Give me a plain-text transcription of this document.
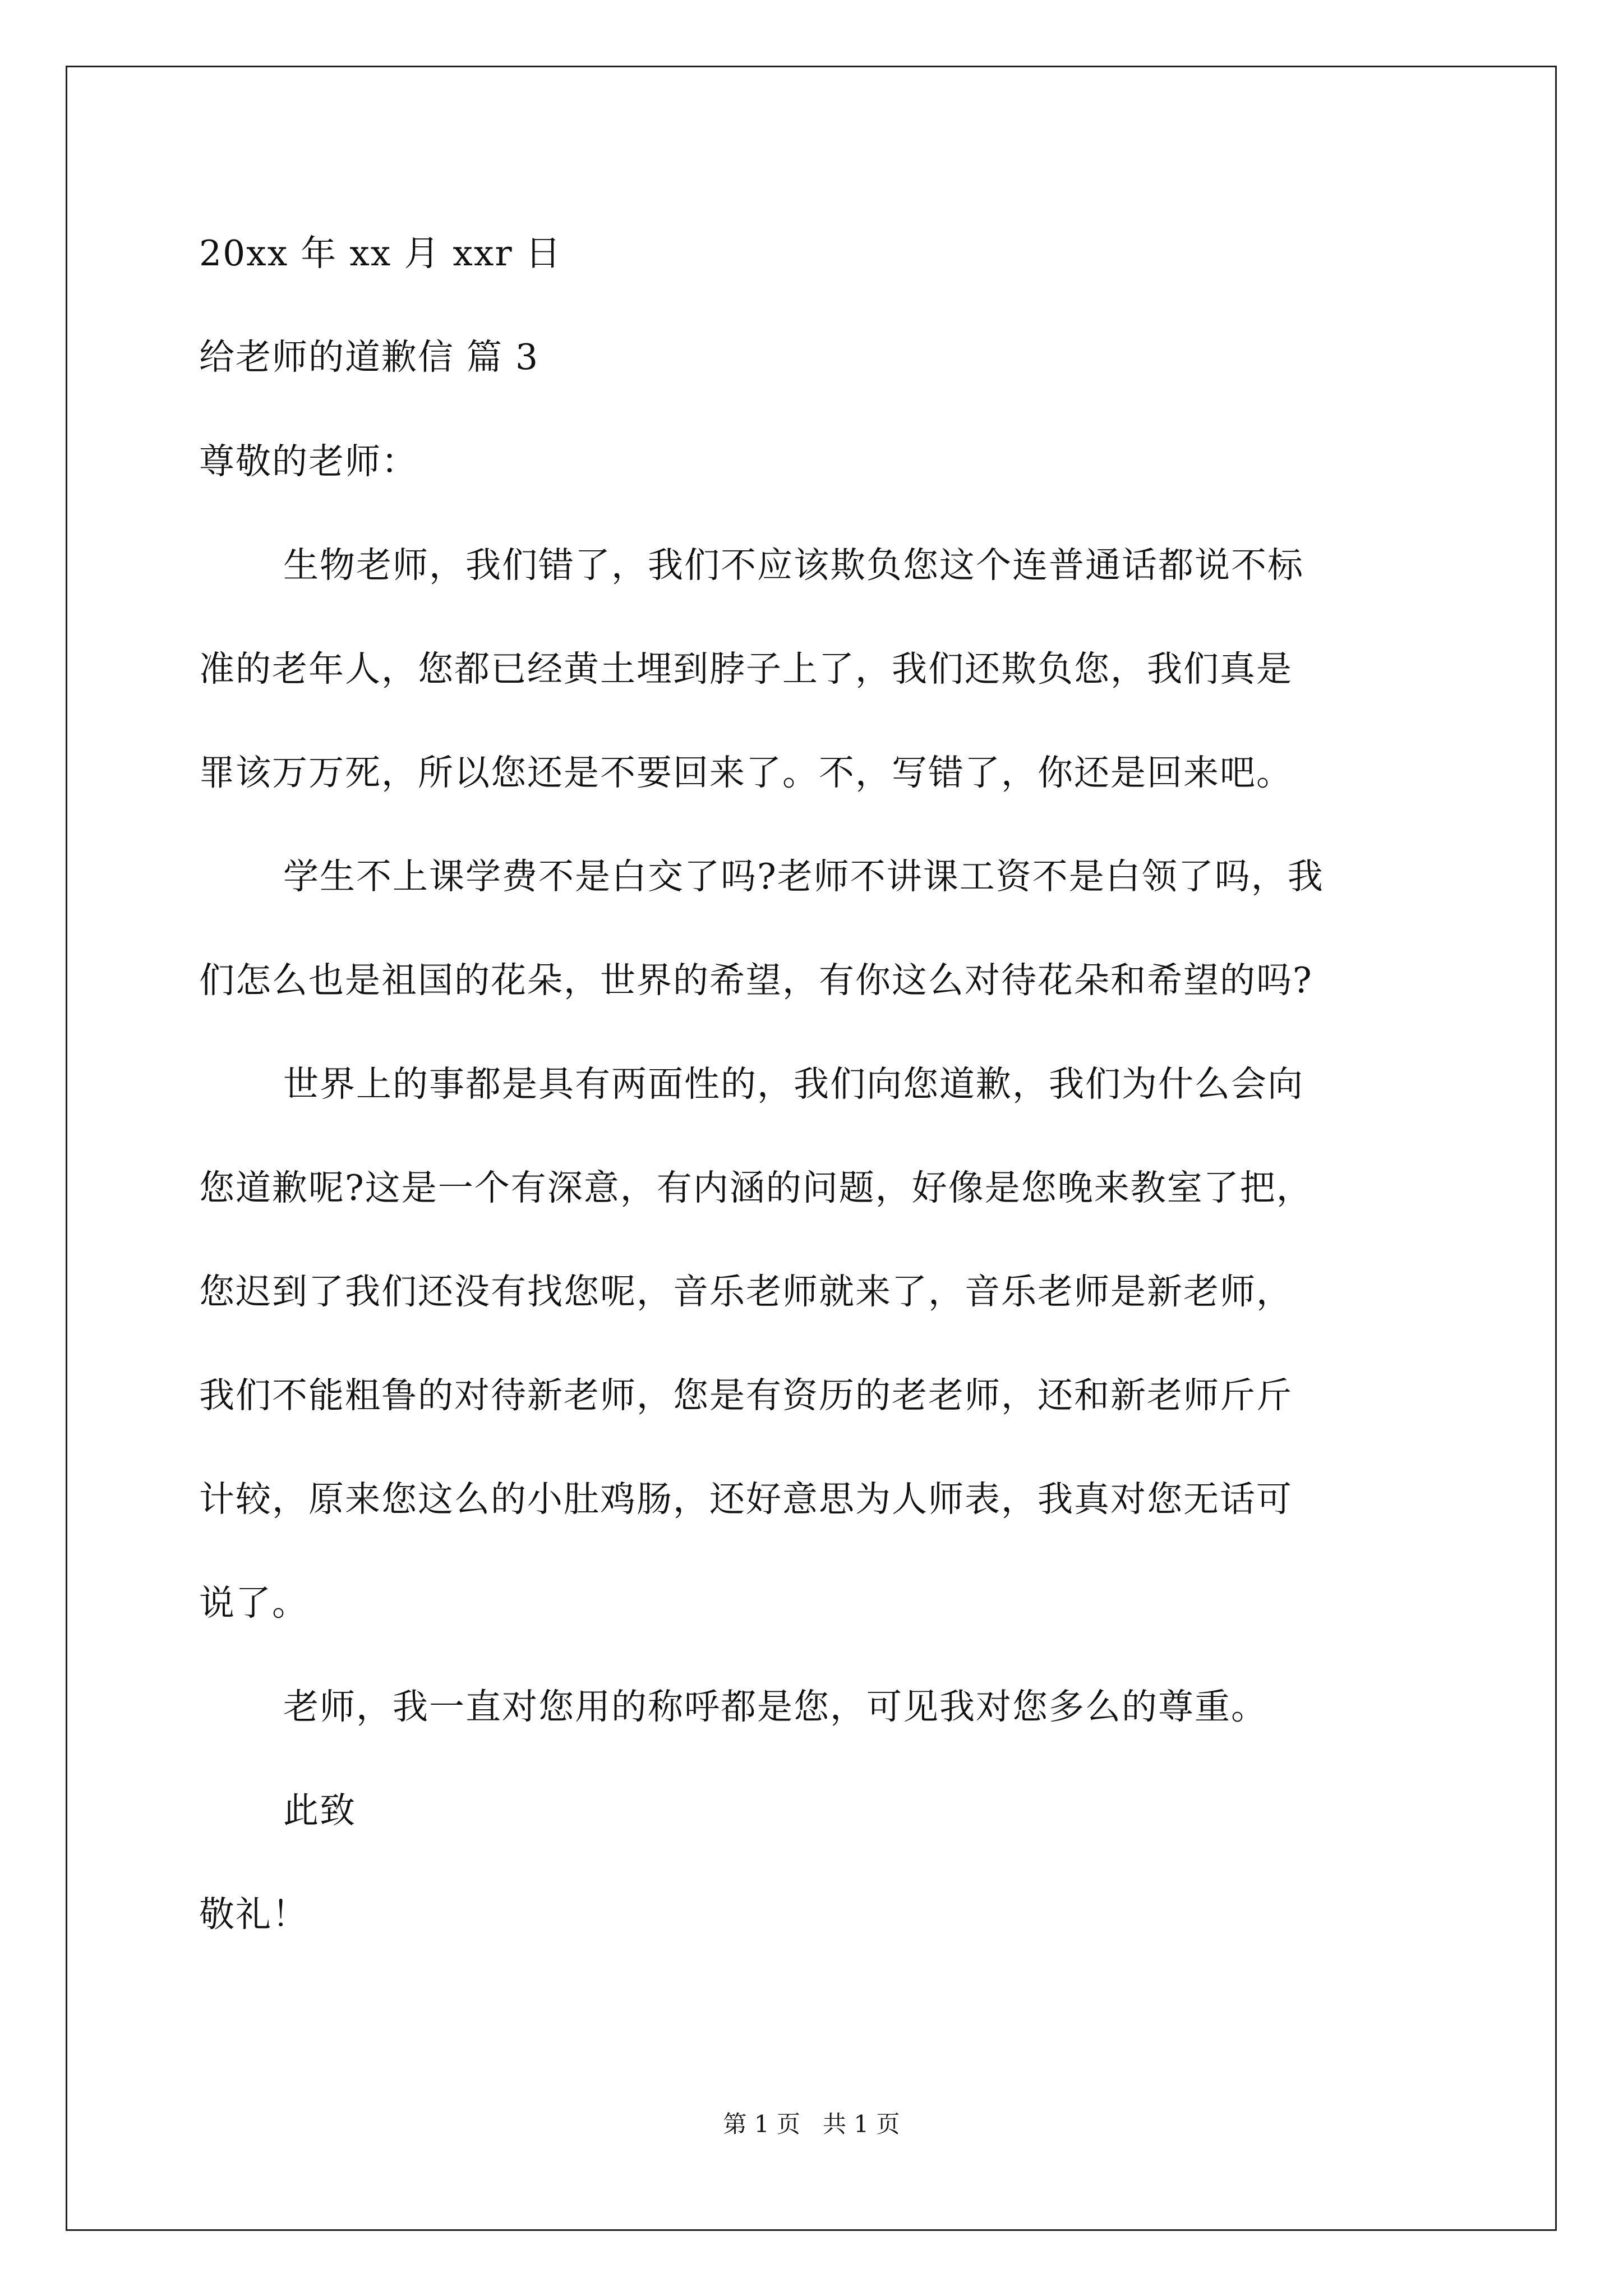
20xx 年 xx 月 xxr 日
给老师的道歉信 篇 3
尊敬的老师：
生物老师，我们错了，我们不应该欺负您这个连普通话都说不标
准的老年人，您都已经黄土埋到脖子上了，我们还欺负您，我们真是
罪该万万死，所以您还是不要回来了。不，写错了，你还是回来吧。
学生不上课学费不是白交了吗?老师不讲课工资不是白领了吗，我
们怎么也是祖国的花朵，世界的希望，有你这么对待花朵和希望的吗?
世界上的事都是具有两面性的，我们向您道歉，我们为什么会向
您道歉呢?这是一个有深意，有内涵的问题，好像是您晚来教室了把，
您迟到了我们还没有找您呢，音乐老师就来了，音乐老师是新老师，
我们不能粗鲁的对待新老师，您是有资历的老老师，还和新老师斤斤
计较，原来您这么的小肚鸡肠，还好意思为人师表，我真对您无话可
说了。
老师，我一直对您用的称呼都是您，可见我对您多么的尊重。
此致
敬礼！
第 1 页   共 1 页
